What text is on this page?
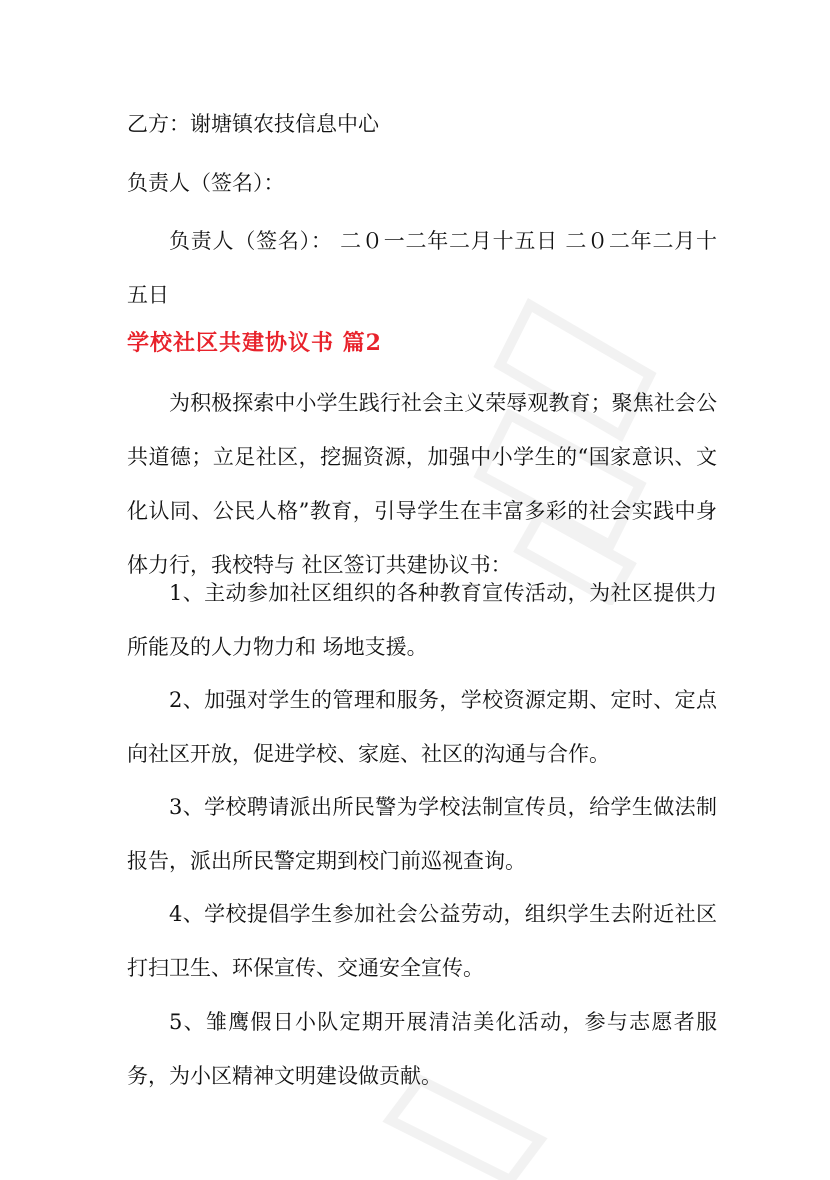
乙方：谢塘镇农技信息中心

负责人（签名）：

负责人（签名）： 二０一二年二月十五日 二０二年二月十五日

学校社区共建协议书 篇2

为积极探索中小学生践行社会主义荣辱观教育；聚焦社会公共道德；立足社区，挖掘资源，加强中小学生的“国家意识、文化认同、公民人格”教育，引导学生在丰富多彩的社会实践中身体力行，我校特与 社区签订共建协议书：

1、主动参加社区组织的各种教育宣传活动，为社区提供力所能及的人力物力和 场地支援。

2、加强对学生的管理和服务，学校资源定期、定时、定点向社区开放，促进学校、家庭、社区的沟通与合作。

3、学校聘请派出所民警为学校法制宣传员，给学生做法制报告，派出所民警定期到校门前巡视查询。

4、学校提倡学生参加社会公益劳动，组织学生去附近社区打扫卫生、环保宣传、交通安全宣传。

5、雏鹰假日小队定期开展清洁美化活动，参与志愿者服务，为小区精神文明建设做贡献。
